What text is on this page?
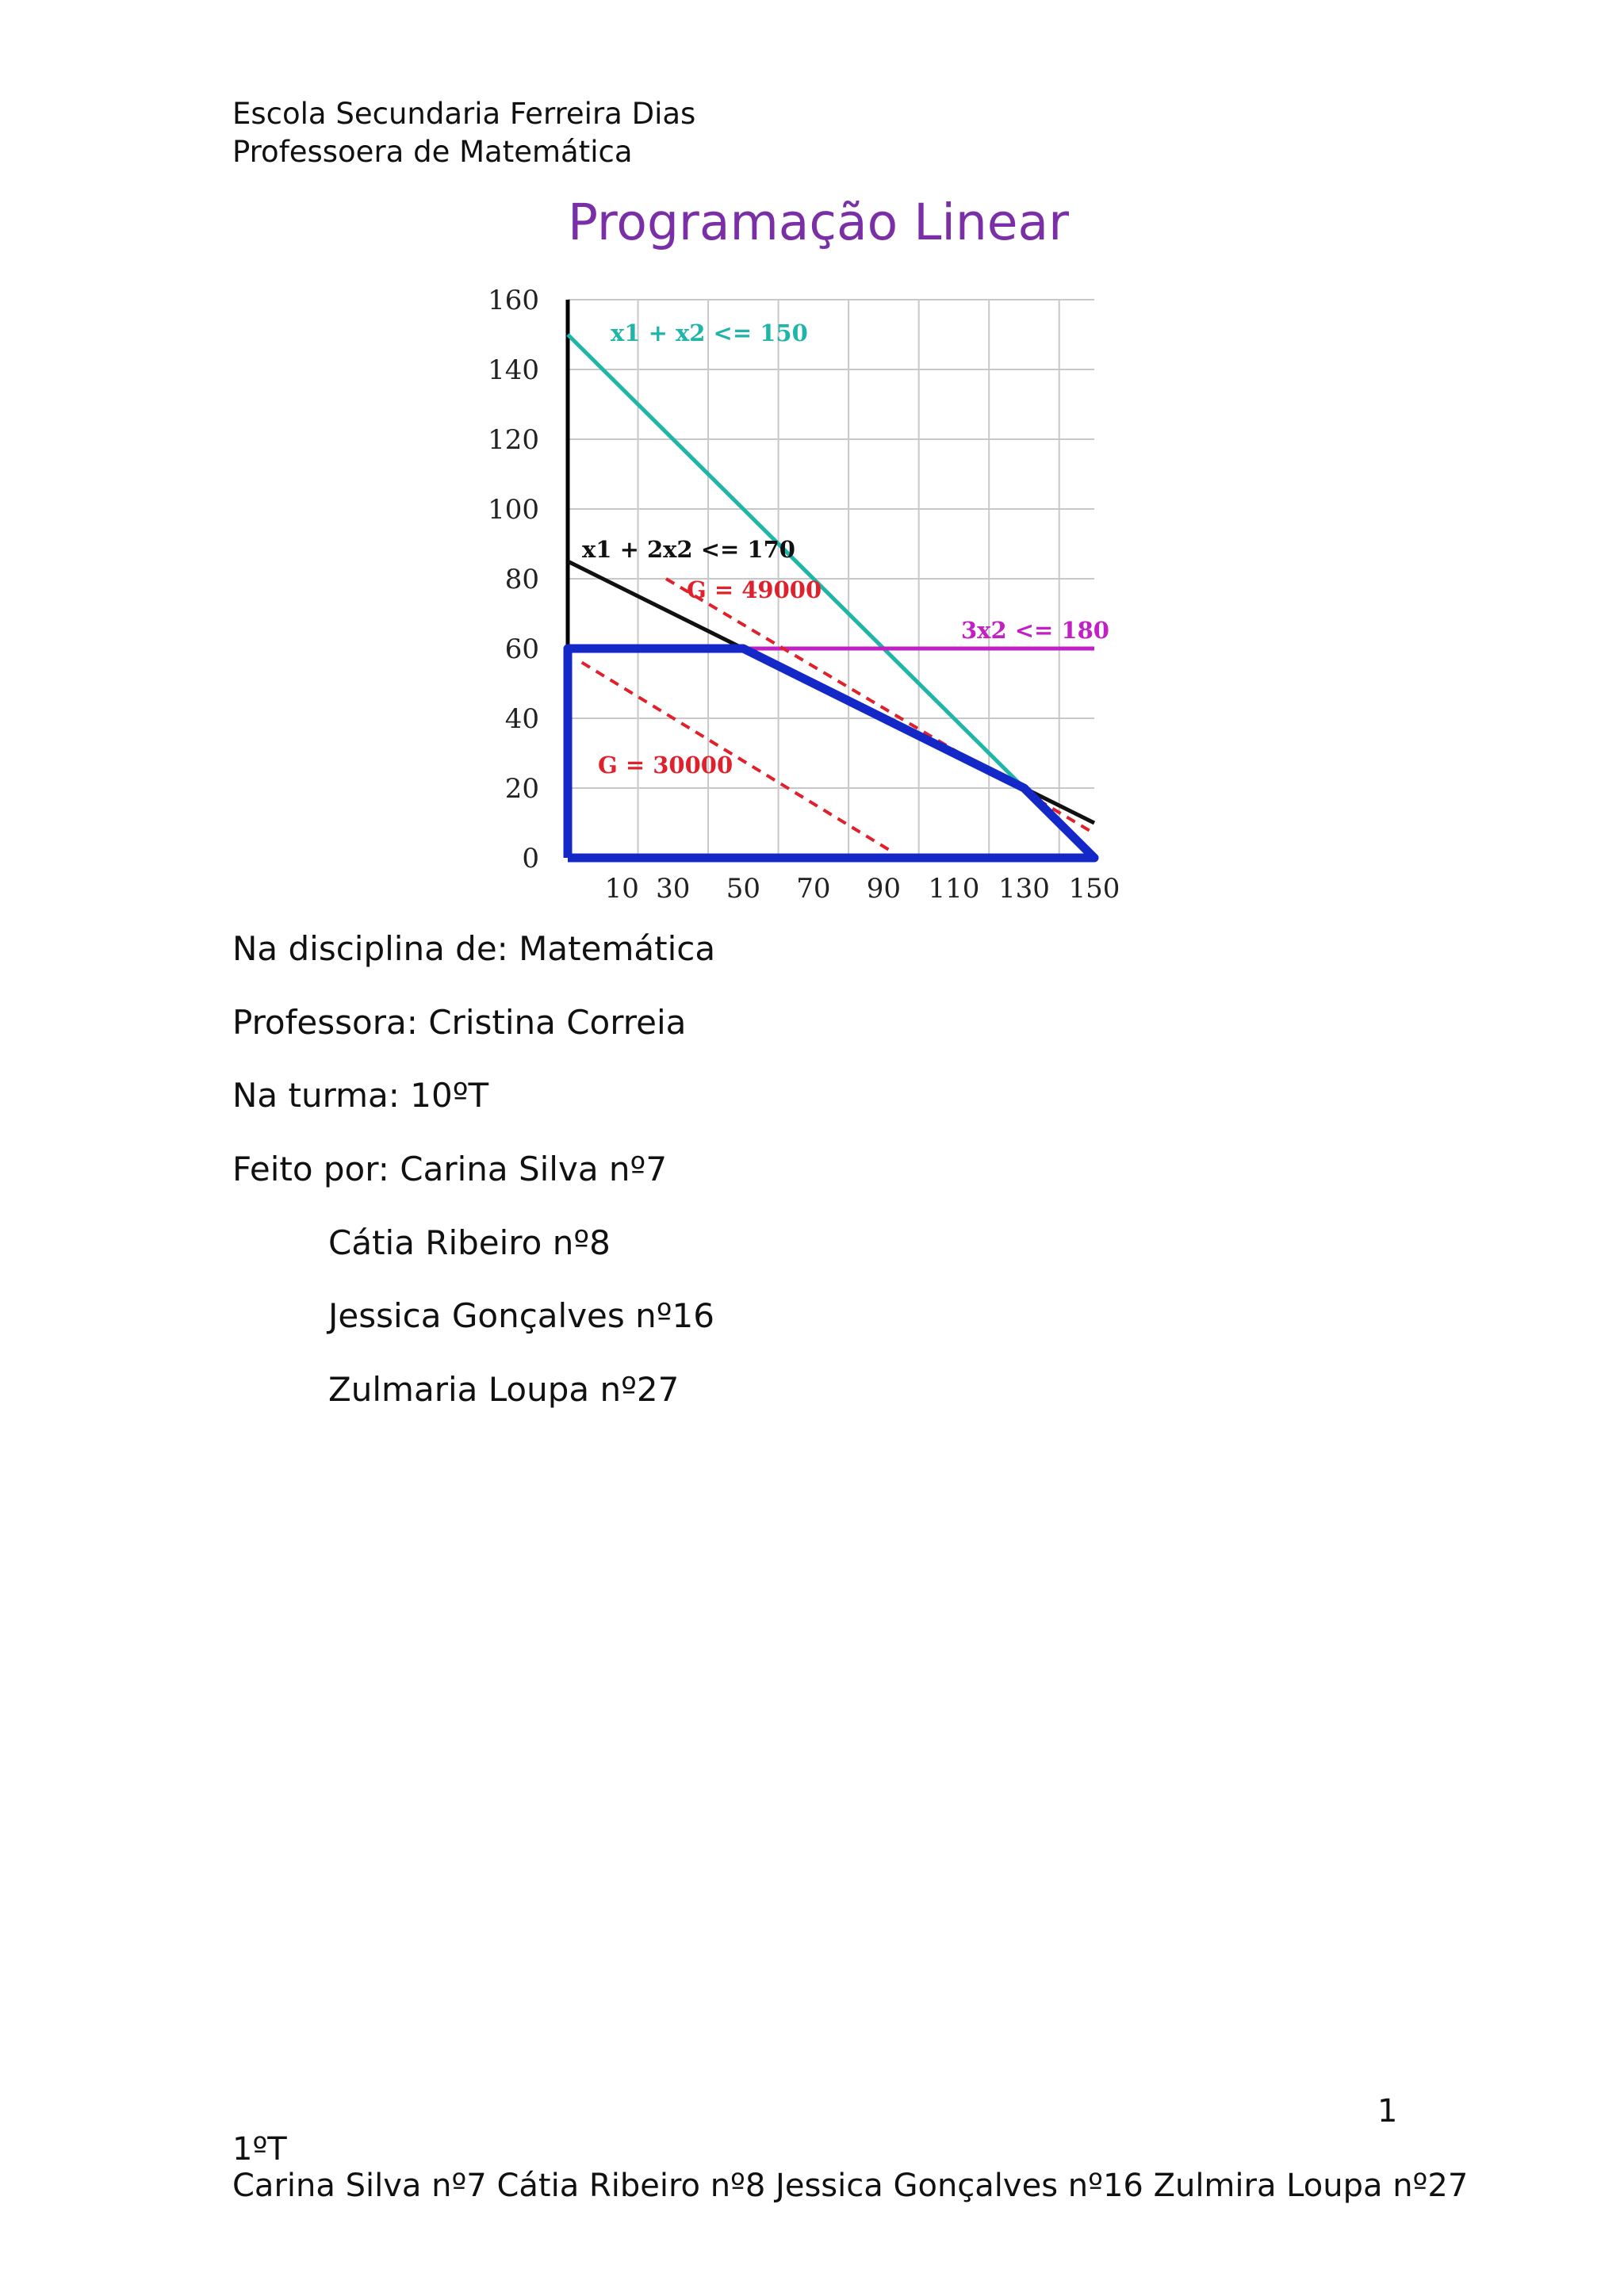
Escola Secundaria Ferreira Dias
Professoera de Matemática
Programação Linear
0
20
40
60
80
100
120
140
160
10 30 50 70 90 110 130 150
x1 + x2 <= 150
x1 + 2x2 <= 170
3x2 <= 180
G = 49000
G = 30000
Na disciplina de: Matemática
Professora: Cristina Correia
Na turma: 10ºT
Feito por: Carina Silva nº7
Cátia Ribeiro nº8
Jessica Gonçalves nº16
Zulmaria Loupa nº27
1
1ºT
Carina Silva nº7 Cátia Ribeiro nº8 Jessica Gonçalves nº16 Zulmira Loupa nº27
